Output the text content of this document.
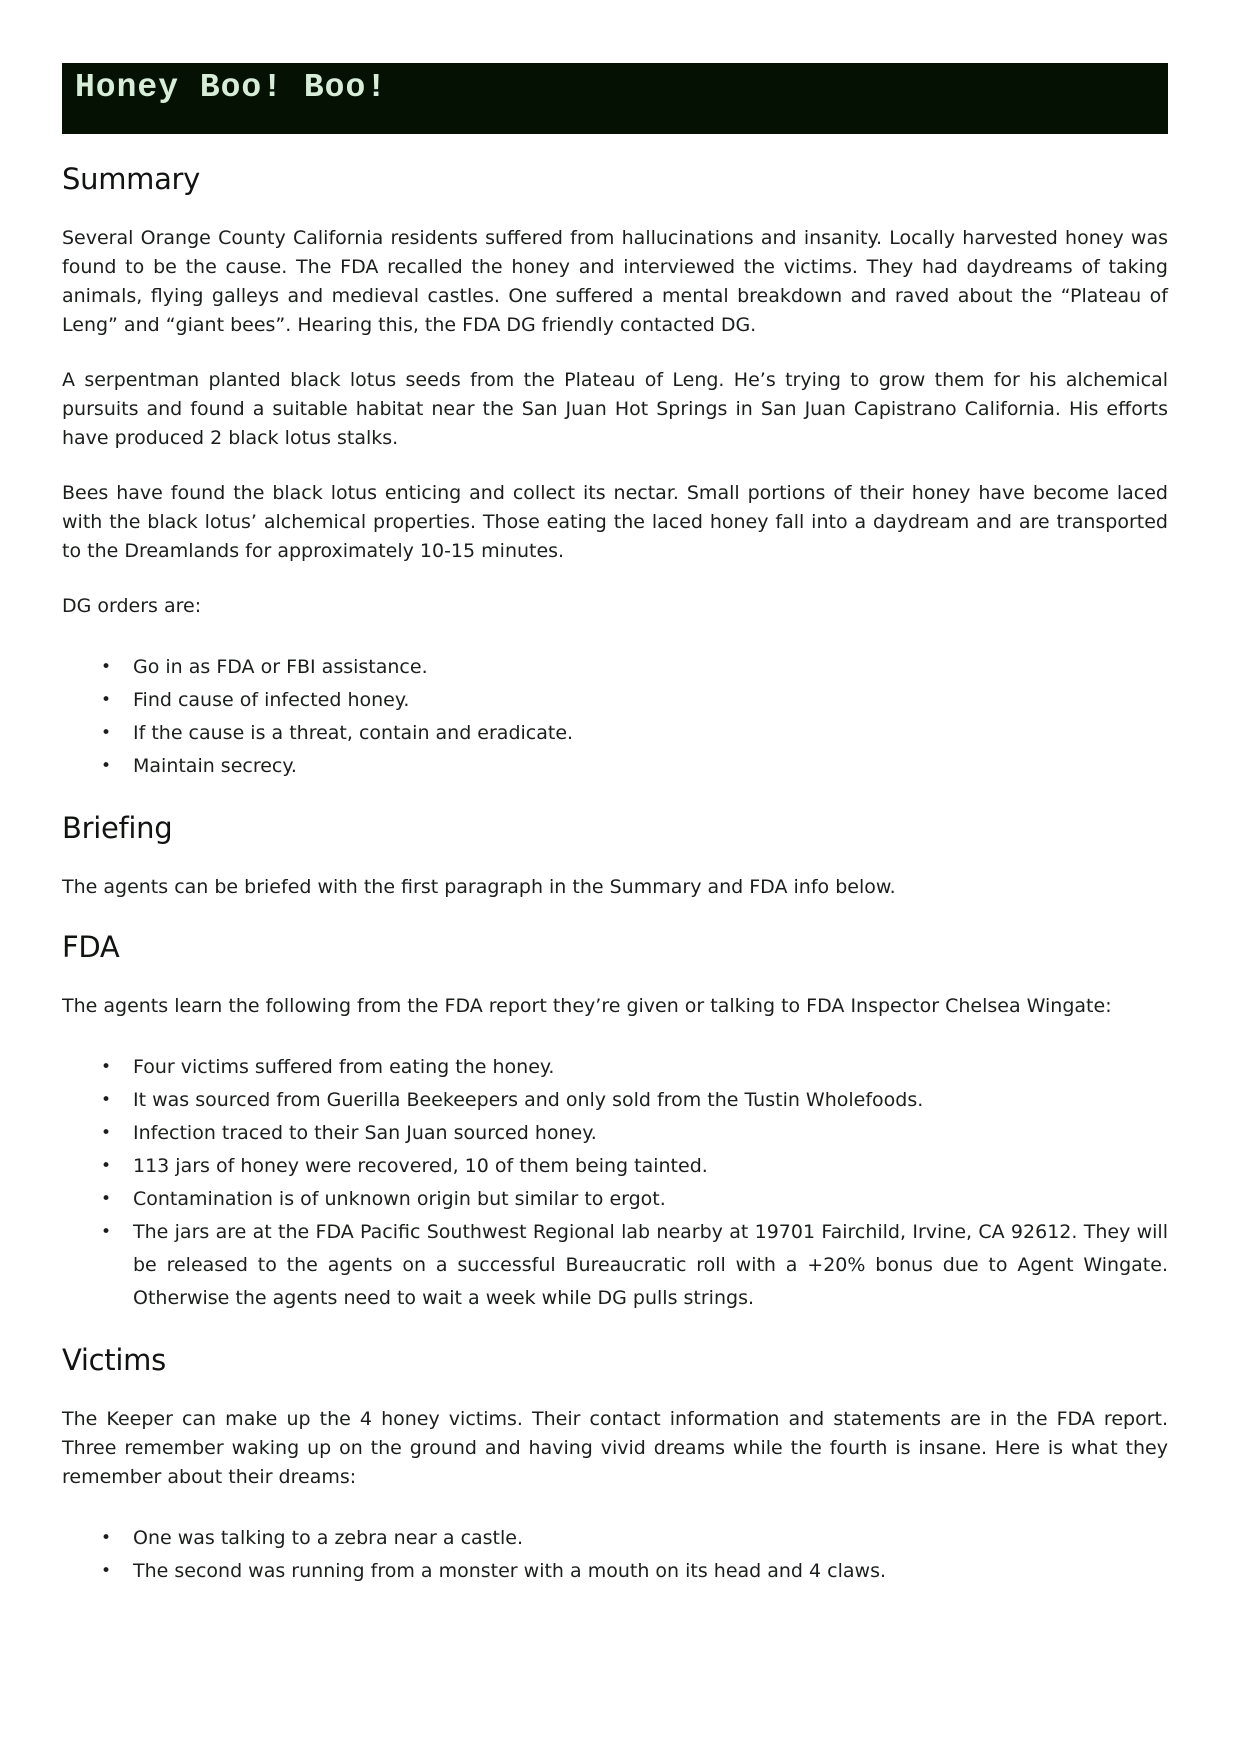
Honey Boo! Boo!
Summary

Several Orange County California residents suffered from hallucinations and insanity. Locally harvested honey was found to be the cause. The FDA recalled the honey and interviewed the victims. They had daydreams of taking animals, flying galleys and medieval castles. One suffered a mental breakdown and raved about the “Plateau of Leng” and “giant bees”. Hearing this, the FDA DG friendly contacted DG.

A serpentman planted black lotus seeds from the Plateau of Leng. He’s trying to grow them for his alchemical pursuits and found a suitable habitat near the San Juan Hot Springs in San Juan Capistrano California. His efforts have produced 2 black lotus stalks.

Bees have found the black lotus enticing and collect its nectar. Small portions of their honey have become laced with the black lotus’ alchemical properties. Those eating the laced honey fall into a daydream and are transported to the Dreamlands for approximately 10-15 minutes.

DG orders are:

• Go in as FDA or FBI assistance.
• Find cause of infected honey.
• If the cause is a threat, contain and eradicate.
• Maintain secrecy.
Briefing

The agents can be briefed with the first paragraph in the Summary and FDA info below.

FDA

The agents learn the following from the FDA report they’re given or talking to FDA Inspector Chelsea Wingate:

• Four victims suffered from eating the honey.
• It was sourced from Guerilla Beekeepers and only sold from the Tustin Wholefoods.
• Infection traced to their San Juan sourced honey.
• 113 jars of honey were recovered, 10 of them being tainted.
• Contamination is of unknown origin but similar to ergot.
• The jars are at the FDA Pacific Southwest Regional lab nearby at 19701 Fairchild, Irvine, CA 92612. They will be released to the agents on a successful Bureaucratic roll with a +20% bonus due to Agent Wingate. Otherwise the agents need to wait a week while DG pulls strings.
Victims

The Keeper can make up the 4 honey victims. Their contact information and statements are in the FDA report. Three remember waking up on the ground and having vivid dreams while the fourth is insane. Here is what they remember about their dreams:

• One was talking to a zebra near a castle.
• The second was running from a monster with a mouth on its head and 4 claws.
